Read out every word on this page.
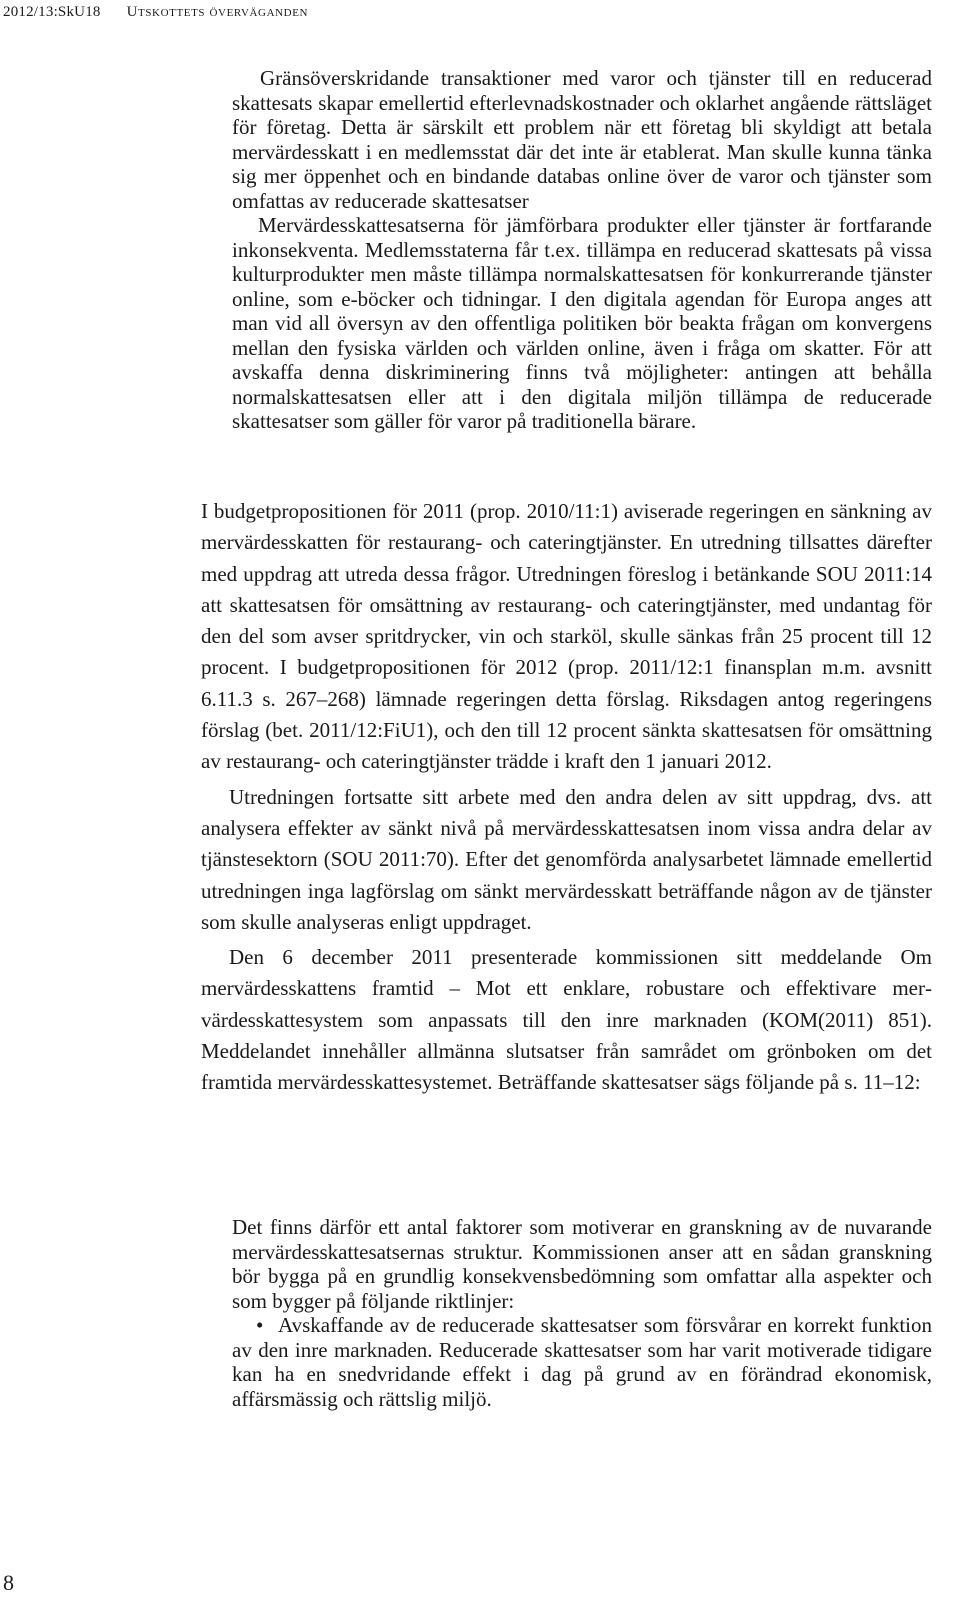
2012/13:SkU18 Utskottets överväganden

Gränsöverskridande transaktioner med varor och tjänster till en reducerad skattesats skapar emellertid efterlevnadskostnader och oklarhet angående rättsläget för företag. Detta är särskilt ett problem när ett företag bli skyldigt att betala mervärdesskatt i en medlemsstat där det inte är etablerat. Man skulle kunna tänka sig mer öppenhet och en bindande databas online över de varor och tjänster som omfattas av reducerade skattesatser

Mervärdesskattesatserna för jämförbara produkter eller tjänster är fortfarande inkonsekventa. Medlemsstaterna får t.ex. tillämpa en reducerad skattesats på vissa kulturprodukter men måste tillämpa normalskattesatsen för konkurrerande tjänster online, som e-böcker och tidningar. I den digitala agendan för Europa anges att man vid all översyn av den offentliga politiken bör beakta frågan om konvergens mellan den fysiska världen och världen online, även i fråga om skatter. För att avskaffa denna diskriminering finns två möjligheter: antingen att behålla normalskattesatsen eller att i den digitala miljön tillämpa de reducerade skattesatser som gäller för varor på traditionella bärare.

I budgetpropositionen för 2011 (prop. 2010/11:1) aviserade regeringen en sänkning av mervärdesskatten för restaurang- och cateringtjänster. En utredning tillsattes därefter med uppdrag att utreda dessa frågor. Utredningen föreslog i betänkande SOU 2011:14 att skattesatsen för omsättning av restaurang- och cateringtjänster, med undantag för den del som avser spritdrycker, vin och starköl, skulle sänkas från 25 procent till 12 procent. I budgetpropositionen för 2012 (prop. 2011/12:1 finansplan m.m. avsnitt 6.11.3 s. 267–268) lämnade regeringen detta förslag. Riksdagen antog regeringens förslag (bet. 2011/12:FiU1), och den till 12 procent sänkta skattesatsen för omsättning av restaurang- och cateringtjänster trädde i kraft den 1 januari 2012.

Utredningen fortsatte sitt arbete med den andra delen av sitt uppdrag, dvs. att analysera effekter av sänkt nivå på mervärdesskattesatsen inom vissa andra delar av tjänstesektorn (SOU 2011:70). Efter det genomförda analysarbetet lämnade emellertid utredningen inga lagförslag om sänkt mervärdesskatt beträffande någon av de tjänster som skulle analyseras enligt uppdraget.

Den 6 december 2011 presenterade kommissionen sitt meddelande Om mervärdesskattens framtid – Mot ett enklare, robustare och effektivare mervärdesskattesystem som anpassats till den inre marknaden (KOM(2011) 851). Meddelandet innehåller allmänna slutsatser från samrådet om grönboken om det framtida mervärdesskattesystemet. Beträffande skattesatser sägs följande på s. 11–12:

Det finns därför ett antal faktorer som motiverar en granskning av de nuvarande mervärdesskattesatsernas struktur. Kommissionen anser att en sådan granskning bör bygga på en grundlig konsekvensbedömning som omfattar alla aspekter och som bygger på följande riktlinjer:

• Avskaffande av de reducerade skattesatser som försvårar en korrekt funktion av den inre marknaden. Reducerade skattesatser som har varit motiverade tidigare kan ha en snedvridande effekt i dag på grund av en förändrad ekonomisk, affärsmässig och rättslig miljö.

8
